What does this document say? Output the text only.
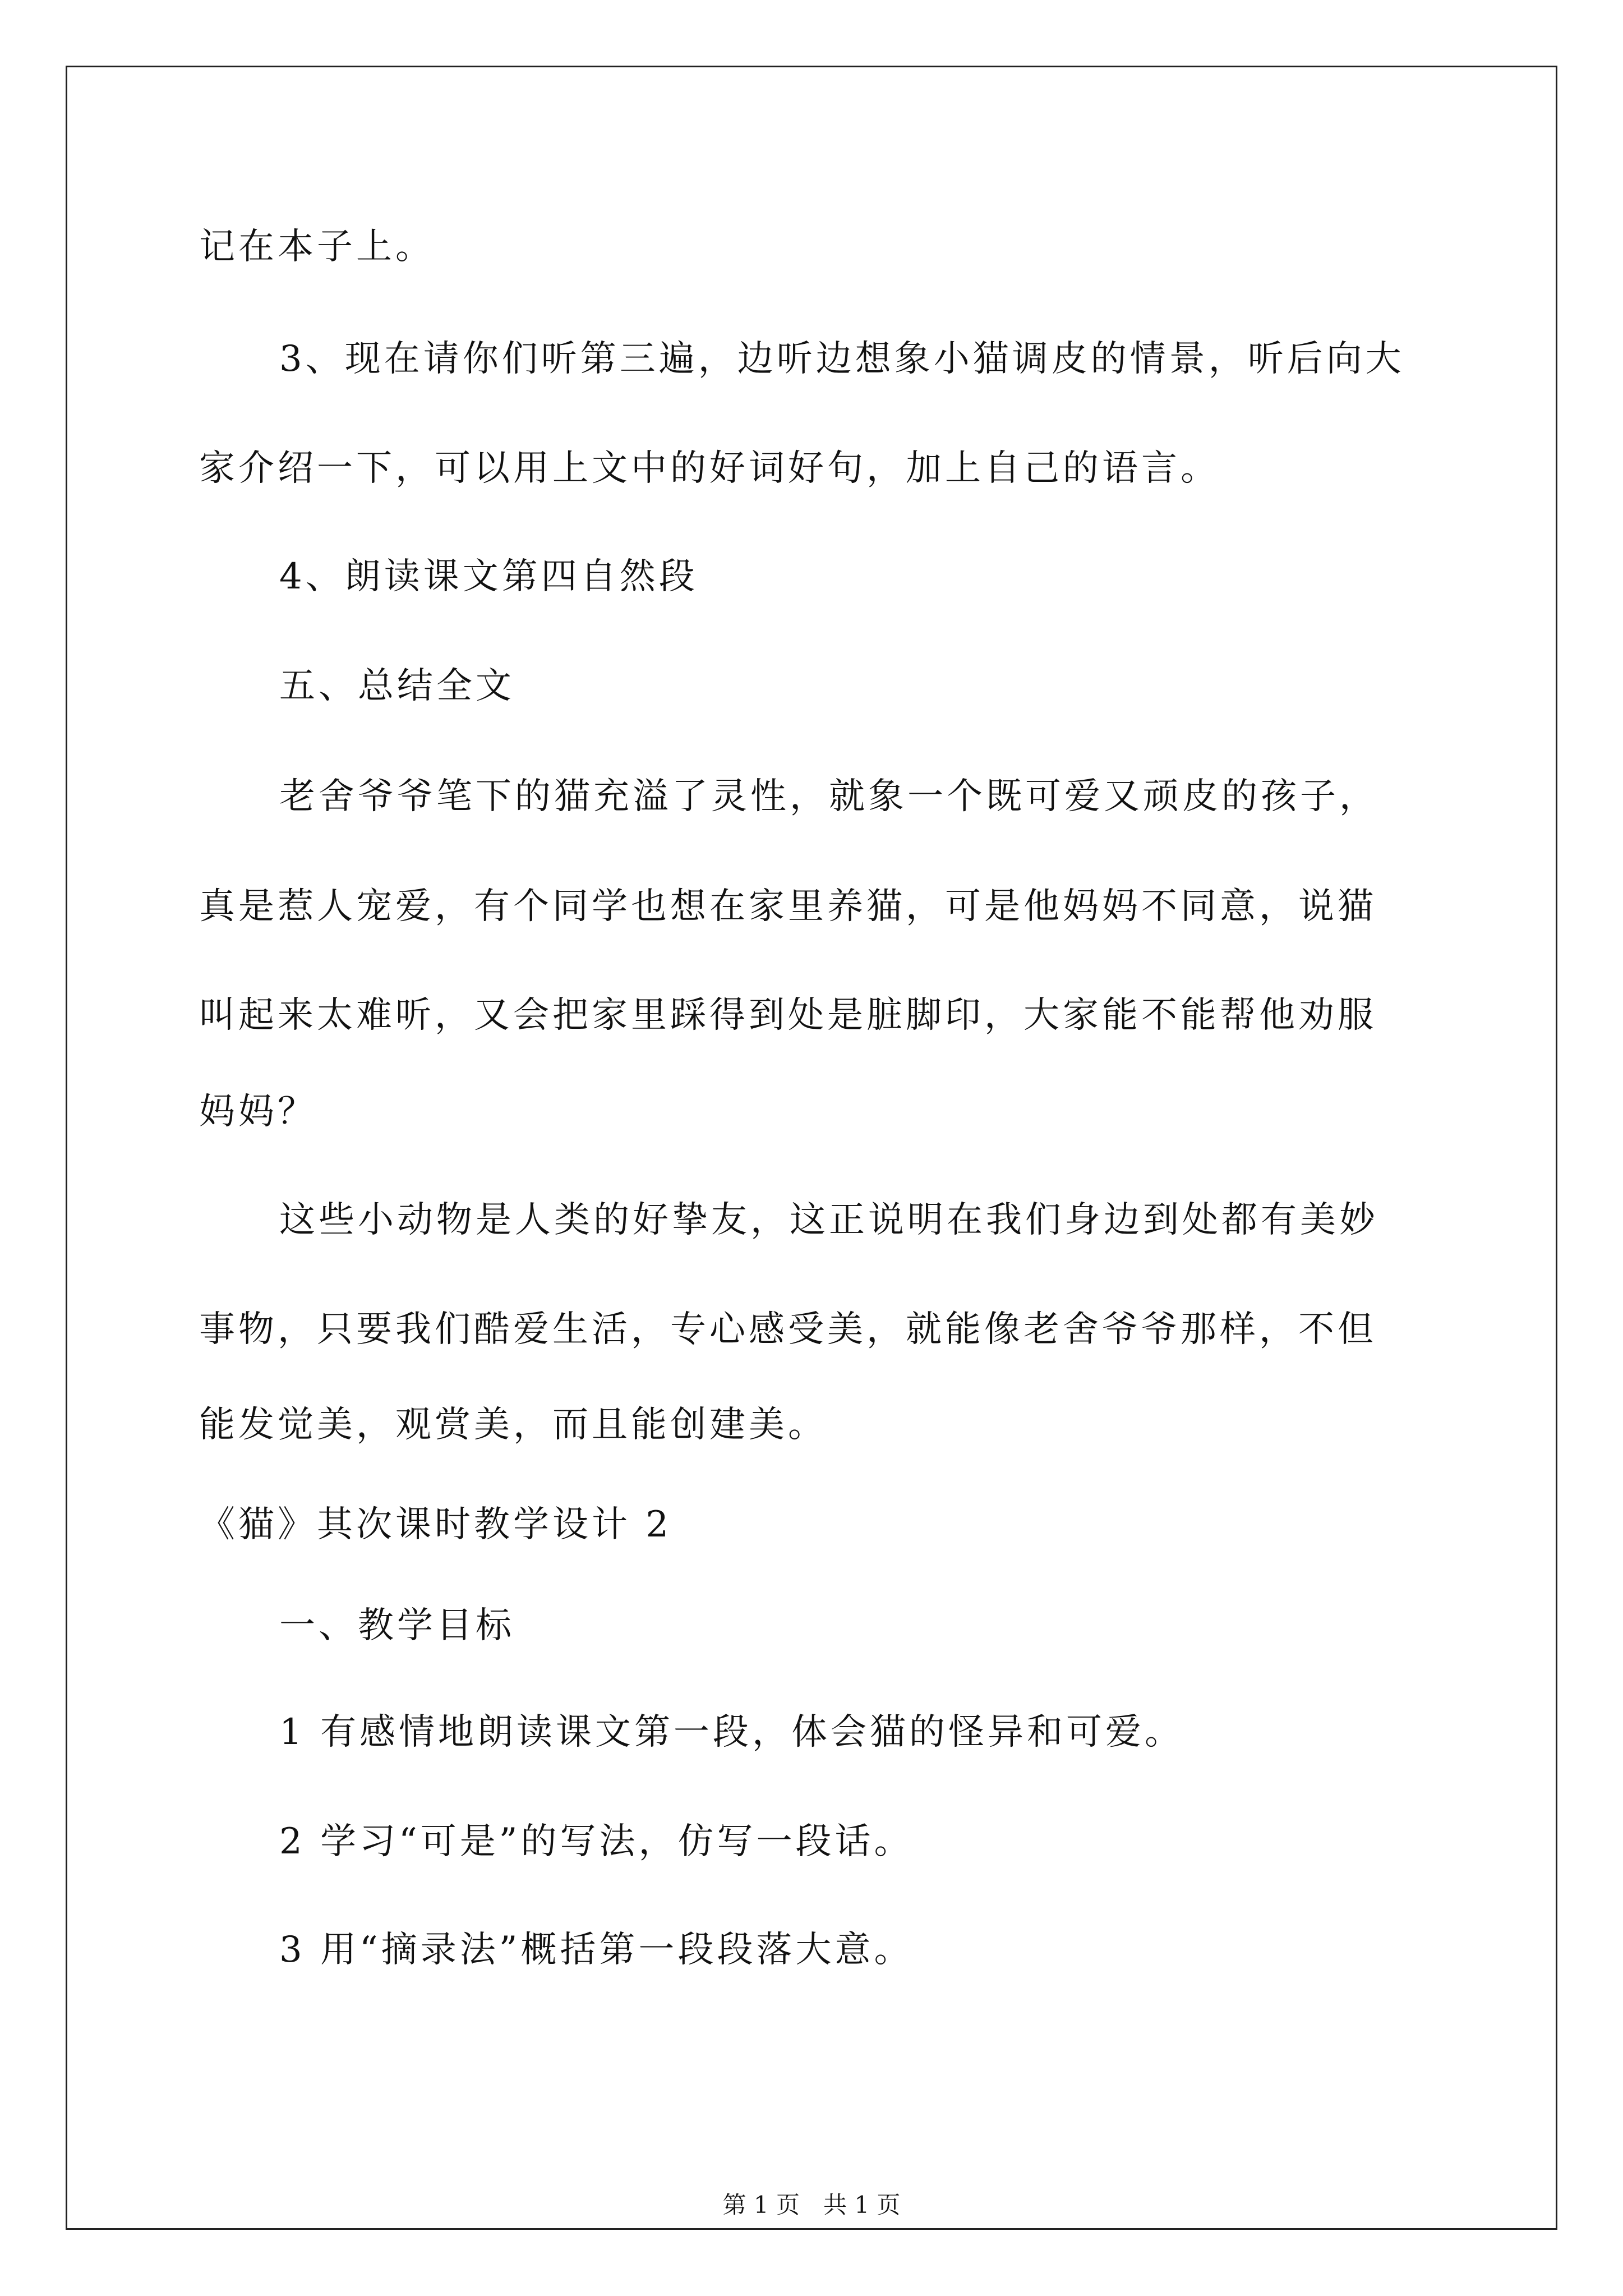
记在本子上。
3、现在请你们听第三遍，边听边想象小猫调皮的情景，听后向大
家介绍一下，可以用上文中的好词好句，加上自己的语言。
4、朗读课文第四自然段
五、总结全文
老舍爷爷笔下的猫充溢了灵性，就象一个既可爱又顽皮的孩子，
真是惹人宠爱，有个同学也想在家里养猫，可是他妈妈不同意，说猫
叫起来太难听，又会把家里踩得到处是脏脚印，大家能不能帮他劝服
妈妈？
这些小动物是人类的好挚友，这正说明在我们身边到处都有美妙
事物，只要我们酷爱生活，专心感受美，就能像老舍爷爷那样，不但
能发觉美，观赏美，而且能创建美。
《猫》其次课时教学设计 2
一、教学目标
1 有感情地朗读课文第一段，体会猫的怪异和可爱。
2 学习“可是”的写法，仿写一段话。
3 用“摘录法”概括第一段段落大意。
第 1 页　共 1 页
